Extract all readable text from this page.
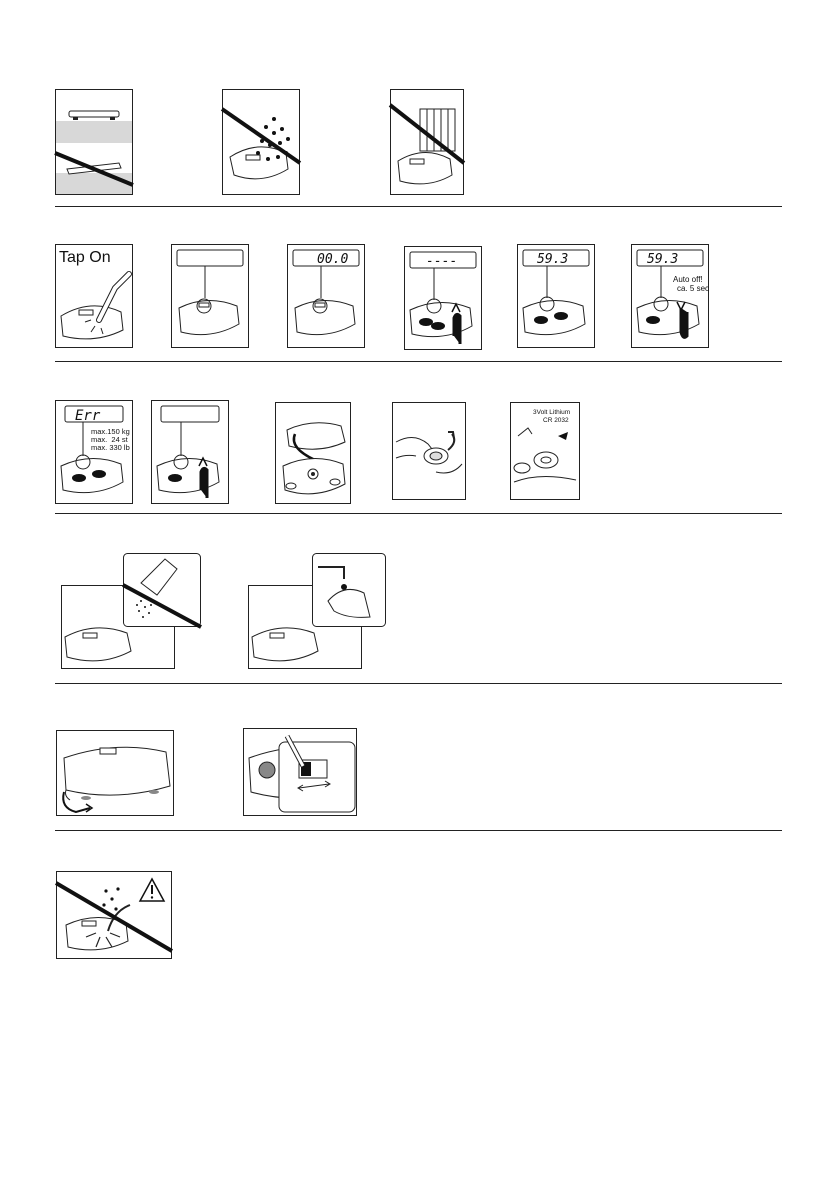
Tap On	00.0	----	59.3	59.3
Auto off!
ca. 5 sec
Err
max.150 kg
max.  24 st
max. 330 lb
3Volt Lithium
CR 2032
